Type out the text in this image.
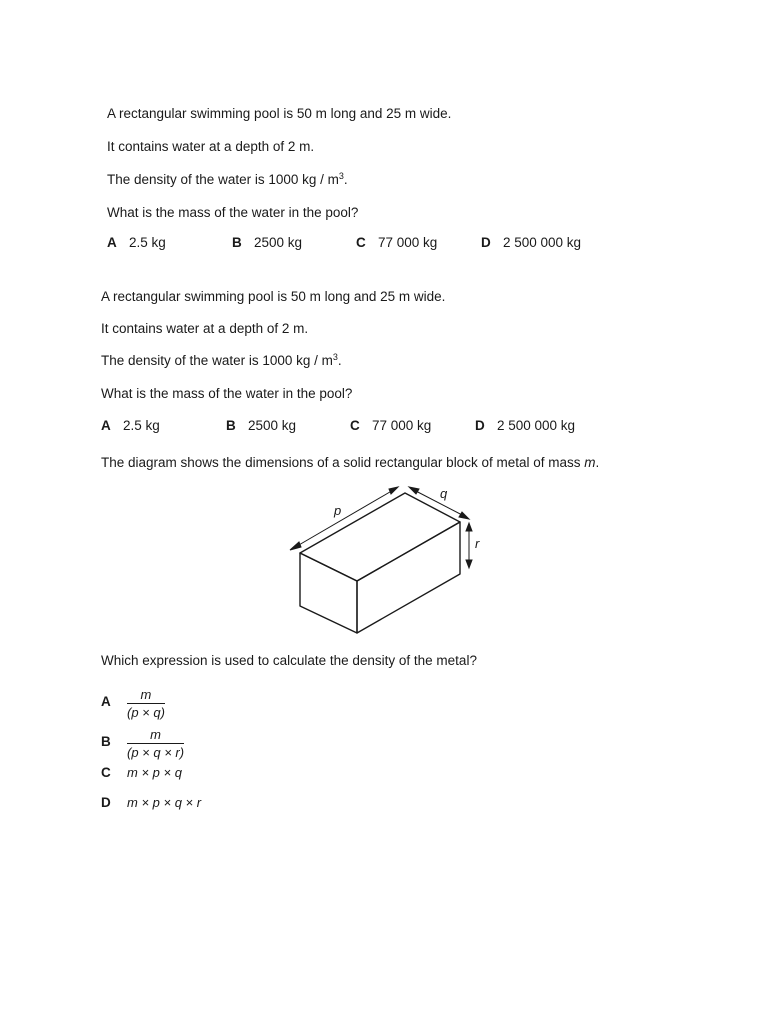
A rectangular swimming pool is 50 m long and 25 m wide.
It contains water at a depth of 2 m.
The density of the water is 1000 kg / $m^3$.
What is the mass of the water in the pool?
A 2.5 kg	B 2500 kg	C 77 000 kg	D 2 500 000 kg
A rectangular swimming pool is 50 m long and 25 m wide.
It contains water at a depth of 2 m.
The density of the water is 1000 kg / $m^3$.
What is the mass of the water in the pool?
A 2.5 kg	B 2500 kg	C 77 000 kg	D 2 500 000 kg
The diagram shows the dimensions of a solid rectangular block of metal of mass m.
p
q
r
Which expression is used to calculate the density of the metal?
A $\frac{m}{(p \times q)}$
B $\frac{m}{(p \times q \times r)}$
C m × p × q
D m × p × q × r
